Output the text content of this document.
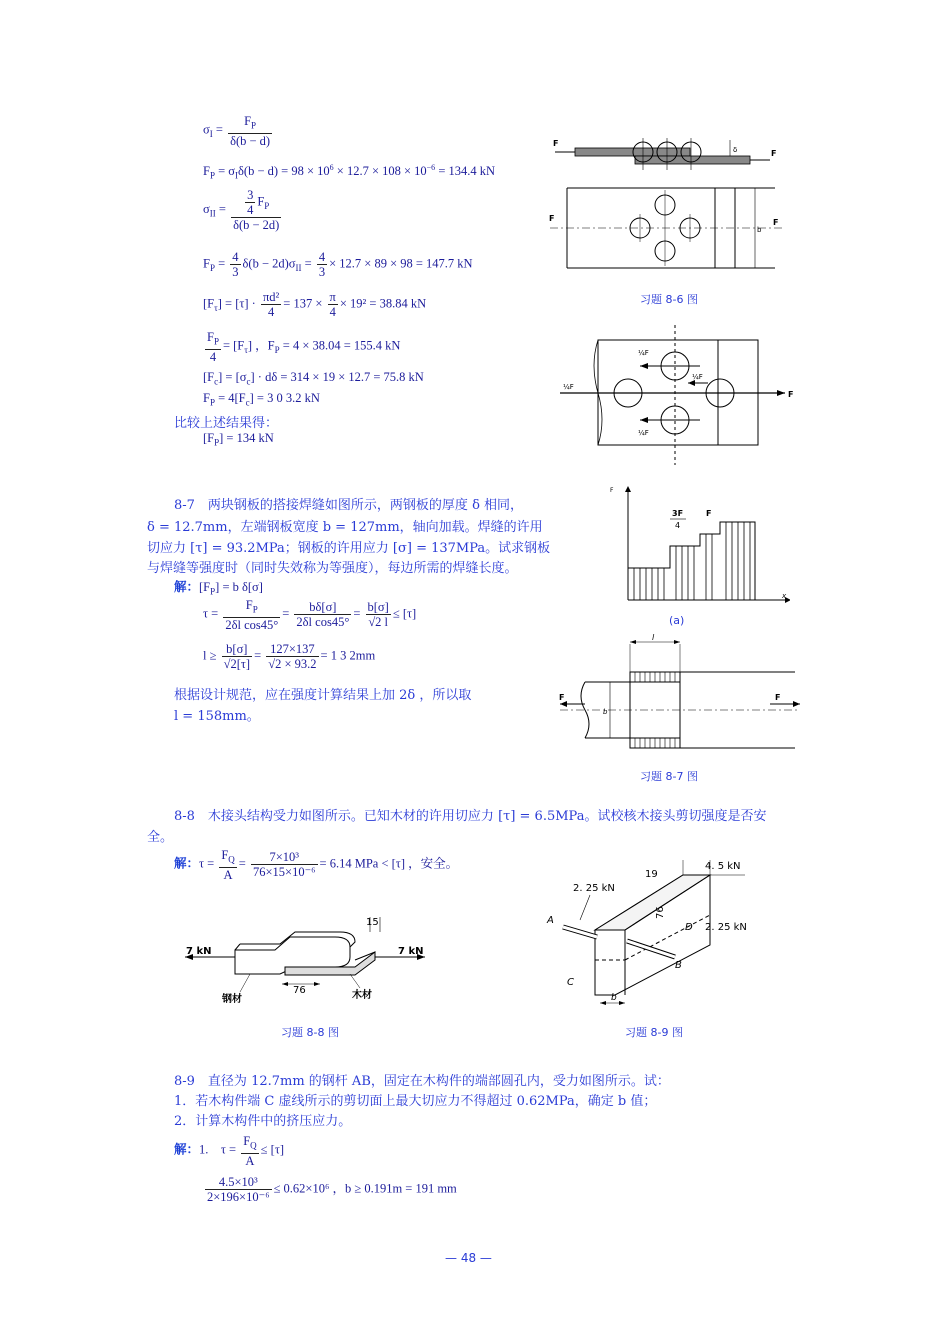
$\sigma_I = \frac{F_P}{\delta(b - d)}$
$F_P = \sigma_I\delta(b - d) = 98 \times 10^6 \times 12.7 \times 108 \times 10^{-6} = 134.4$ kN
$\sigma_{II} = \frac{\frac{3}{4} F_P}{\delta(b - 2d)}$
$F_P = \frac{4}{3} \delta(b - 2d)\sigma_{II} = \frac{4}{3} \times 12.7 \times 89 \times 98 = 147.7$ kN
$[F_\tau] = [\tau] \cdot \frac{\text{πd²}}{4} = 137 \times \frac{\pi}{4} \times 19^2 = 38.84$ kN
$\frac{F_P}{4} = [F_\tau]$ ，$F_P = 4 \times 38.04 = 155.4$ kN
$[F_c] = [\sigma_c] \cdot d\delta = 314 \times 19 \times 12.7 = 75.8$ kN
$F_P = 4[F_c] = 3$ 0 3.2 kN
比较上述结果得：
$[F_P] = 134$ kN
F
F
δ
F	F
b
习题 8-6 图
¼F
¼F
¼F
¼F
F
8-7　两块钢板的搭接焊缝如图所示，两钢板的厚度 δ 相同，
δ = 12.7mm，左端钢板宽度 b = 127mm，轴向加载。焊缝的许用
切应力 [τ] = 93.2MPa；钢板的许用应力 [σ] = 137MPa。试求钢板
与焊缝等强度时（同时失效称为等强度），每边所需的焊缝长度。
解：$[F_P] = b$ δ[σ]
$\tau = \frac{F_P}{\text{2δl cos45°}} = \frac{b\delta[\sigma]}{\text{2δl cos45°}} = \frac{b[\sigma]}{√2 l} \le [\tau]$
$l \ge \frac{b[\sigma]}{√2[\tau]} = \frac{127\times 137}{√2 \times 93.2} = 1$ 3 2mm
根据设计规范，应在强度计算结果上加 2δ ，所以取
l = 158mm。
F
x
3F
4
F
(a)
l
F	F
b
习题 8-7 图
8-8　木接头结构受力如图所示。已知木材的许用切应力 [τ] = 6.5MPa。试校核木接头剪切强度是否安
全。
解：$\tau = \frac{F_Q}{A} = \frac{\text{7×10³}}{\text{76×15×10⁻⁶}} = 6.14$ MPa < [τ] ，安全。
7 kN	7 kN
15
76
钢材	木材
习题 8-8 图
A
B
C
D
2. 25 kN
2. 25 kN
4. 5 kN
19
76
b
习题 8-9 图
8-9　直径为 12.7mm 的钢杆 AB，固定在木构件的端部圆孔内，受力如图所示。试：
1．若木构件端 C 虚线所示的剪切面上最大切应力不得超过 0.62MPa，确定 b 值；
2．计算木构件中的挤压应力。
解：1.　$\tau = \frac{F_Q}{A} \le [\tau]$
$\frac{\text{4.5×10³}}{\text{2×196×10⁻⁶}} \le 0.62\times 10^6$ ，b ≥ 0.191m = 191 mm
— 48 —
